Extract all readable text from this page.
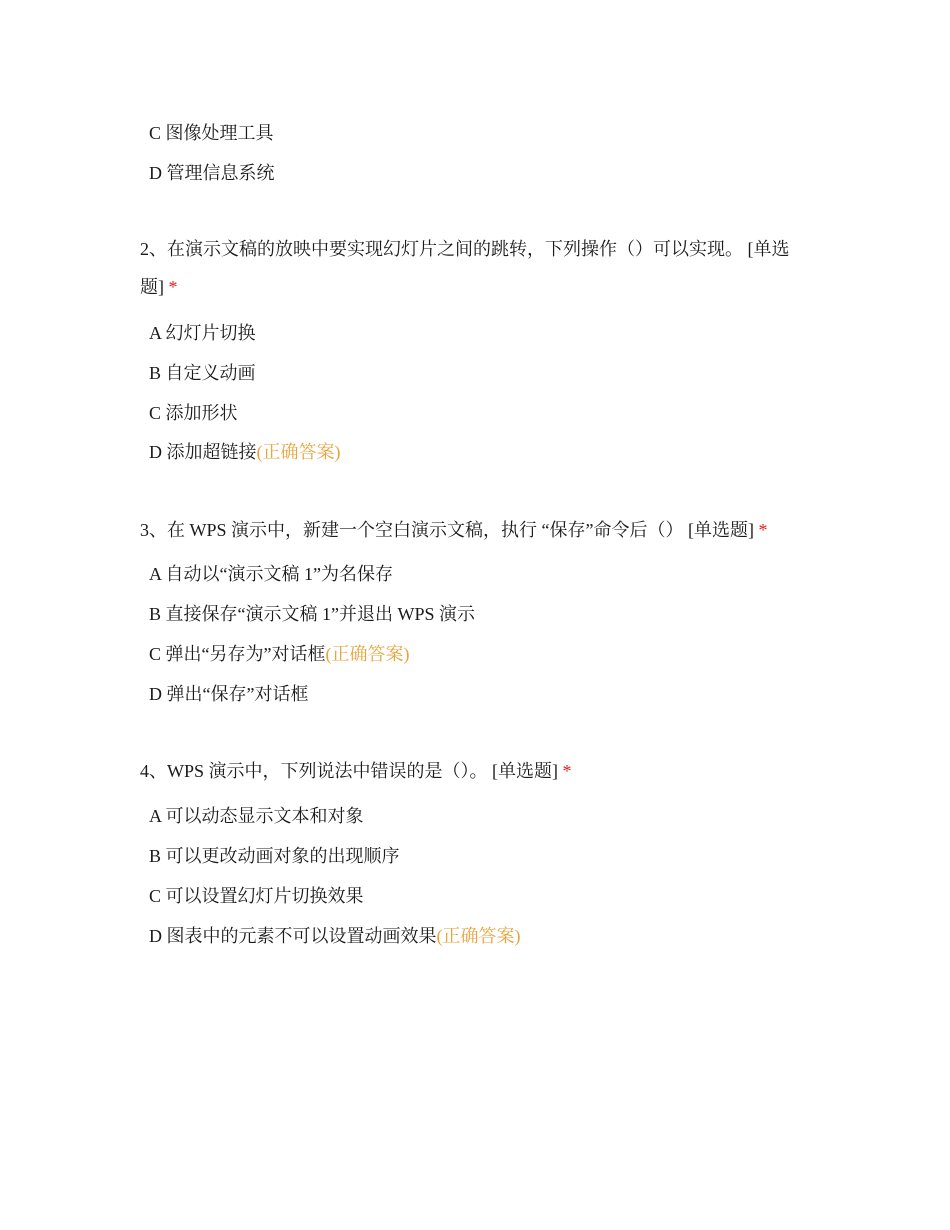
C 图像处理工具
D 管理信息系统
2、在演示文稿的放映中要实现幻灯片之间的跳转，下列操作（）可以实现。 [单选题] *
A 幻灯片切换
B 自定义动画
C 添加形状
D 添加超链接(正确答案)
3、在 WPS 演示中，新建一个空白演示文稿，执行 “保存”命令后（） [单选题] *
A 自动以“演示文稿 1”为名保存
B 直接保存“演示文稿 1”并退出 WPS 演示
C 弹出“另存为”对话框(正确答案)
D 弹出“保存”对话框
4、WPS 演示中，下列说法中错误的是（）。 [单选题] *
A 可以动态显示文本和对象
B 可以更改动画对象的出现顺序
C 可以设置幻灯片切换效果
D 图表中的元素不可以设置动画效果(正确答案)
